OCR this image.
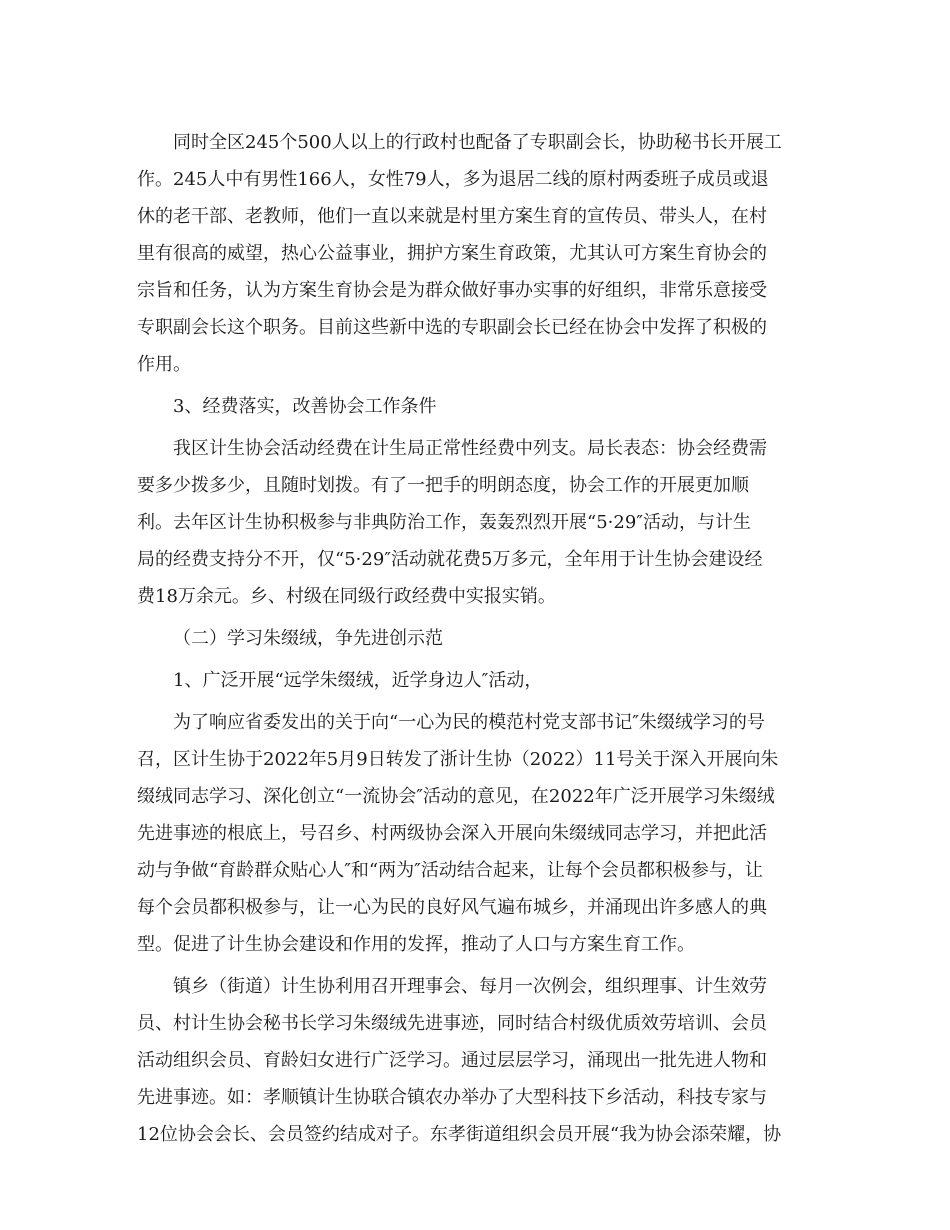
同时全区245个500人以上的行政村也配备了专职副会长，协助秘书长开展工
作。245人中有男性166人，女性79人，多为退居二线的原村两委班子成员或退
休的老干部、老教师，他们一直以来就是村里方案生育的宣传员、带头人，在村
里有很高的威望，热心公益事业，拥护方案生育政策，尤其认可方案生育协会的
宗旨和任务，认为方案生育协会是为群众做好事办实事的好组织，非常乐意接受
专职副会长这个职务。目前这些新中选的专职副会长已经在协会中发挥了积极的
作用。
3、经费落实，改善协会工作条件
我区计生协会活动经费在计生局正常性经费中列支。局长表态：协会经费需
要多少拨多少，且随时划拨。有了一把手的明朗态度，协会工作的开展更加顺
利。去年区计生协积极参与非典防治工作，轰轰烈烈开展“5·29″活动，与计生
局的经费支持分不开，仅“5·29″活动就花费5万多元，全年用于计生协会建设经
费18万余元。乡、村级在同级行政经费中实报实销。
（二）学习朱缀绒，争先进创示范
1、广泛开展“远学朱缀绒，近学身边人″活动，
为了响应省委发出的关于向“一心为民的模范村党支部书记″朱缀绒学习的号
召，区计生协于2022年5月9日转发了浙计生协（2022）11号关于深入开展向朱
缀绒同志学习、深化创立“一流协会″活动的意见，在2022年广泛开展学习朱缀绒
先进事迹的根底上，号召乡、村两级协会深入开展向朱缀绒同志学习，并把此活
动与争做“育龄群众贴心人″和“两为″活动结合起来，让每个会员都积极参与，让
每个会员都积极参与，让一心为民的良好风气遍布城乡，并涌现出许多感人的典
型。促进了计生协会建设和作用的发挥，推动了人口与方案生育工作。
镇乡（街道）计生协利用召开理事会、每月一次例会，组织理事、计生效劳
员、村计生协会秘书长学习朱缀绒先进事迹，同时结合村级优质效劳培训、会员
活动组织会员、育龄妇女进行广泛学习。通过层层学习，涌现出一批先进人物和
先进事迹。如：孝顺镇计生协联合镇农办举办了大型科技下乡活动，科技专家与
12位协会会长、会员签约结成对子。东孝街道组织会员开展“我为协会添荣耀，协
